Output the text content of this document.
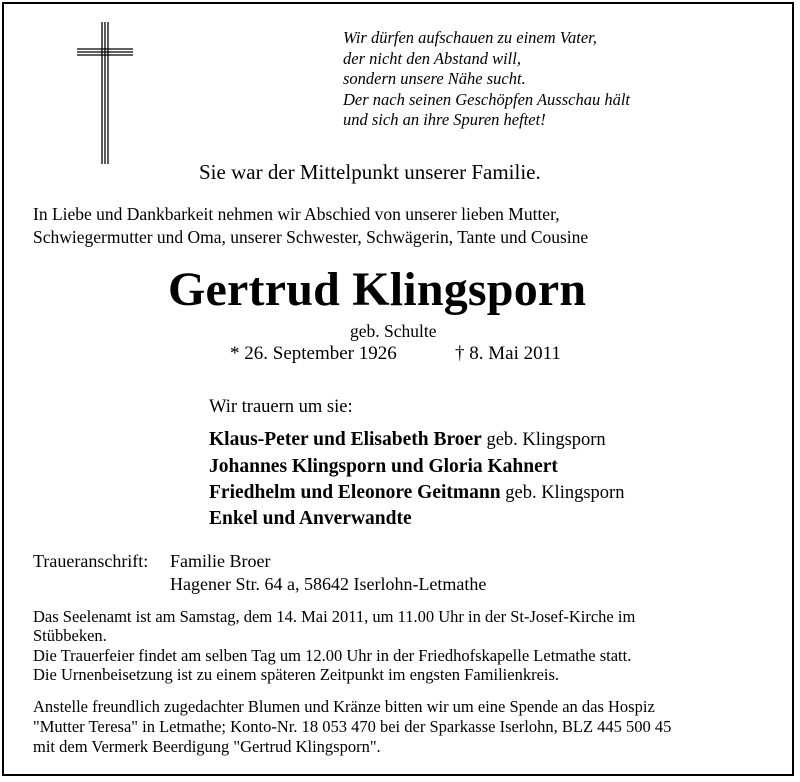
Wir dürfen aufschauen zu einem Vater,
der nicht den Abstand will,
sondern unsere Nähe sucht.
Der nach seinen Geschöpfen Ausschau hält
und sich an ihre Spuren heftet!
Sie war der Mittelpunkt unserer Familie.
In Liebe und Dankbarkeit nehmen wir Abschied von unserer lieben Mutter,
Schwiegermutter und Oma, unserer Schwester, Schwägerin, Tante und Cousine
Gertrud Klingsporn
geb. Schulte
* 26. September 1926	† 8. Mai 2011
Wir trauern um sie:
Klaus-Peter und Elisabeth Broer geb. Klingsporn
Johannes Klingsporn und Gloria Kahnert
Friedhelm und Eleonore Geitmann geb. Klingsporn
Enkel und Anverwandte
Traueranschrift: Familie Broer
Hagener Str. 64 a, 58642 Iserlohn-Letmathe
Das Seelenamt ist am Samstag, dem 14. Mai 2011, um 11.00 Uhr in der St-Josef-Kirche im
Stübbeken.
Die Trauerfeier findet am selben Tag um 12.00 Uhr in der Friedhofskapelle Letmathe statt.
Die Urnenbeisetzung ist zu einem späteren Zeitpunkt im engsten Familienkreis.
Anstelle freundlich zugedachter Blumen und Kränze bitten wir um eine Spende an das Hospiz
"Mutter Teresa" in Letmathe; Konto-Nr. 18 053 470 bei der Sparkasse Iserlohn, BLZ 445 500 45
mit dem Vermerk Beerdigung "Gertrud Klingsporn".
